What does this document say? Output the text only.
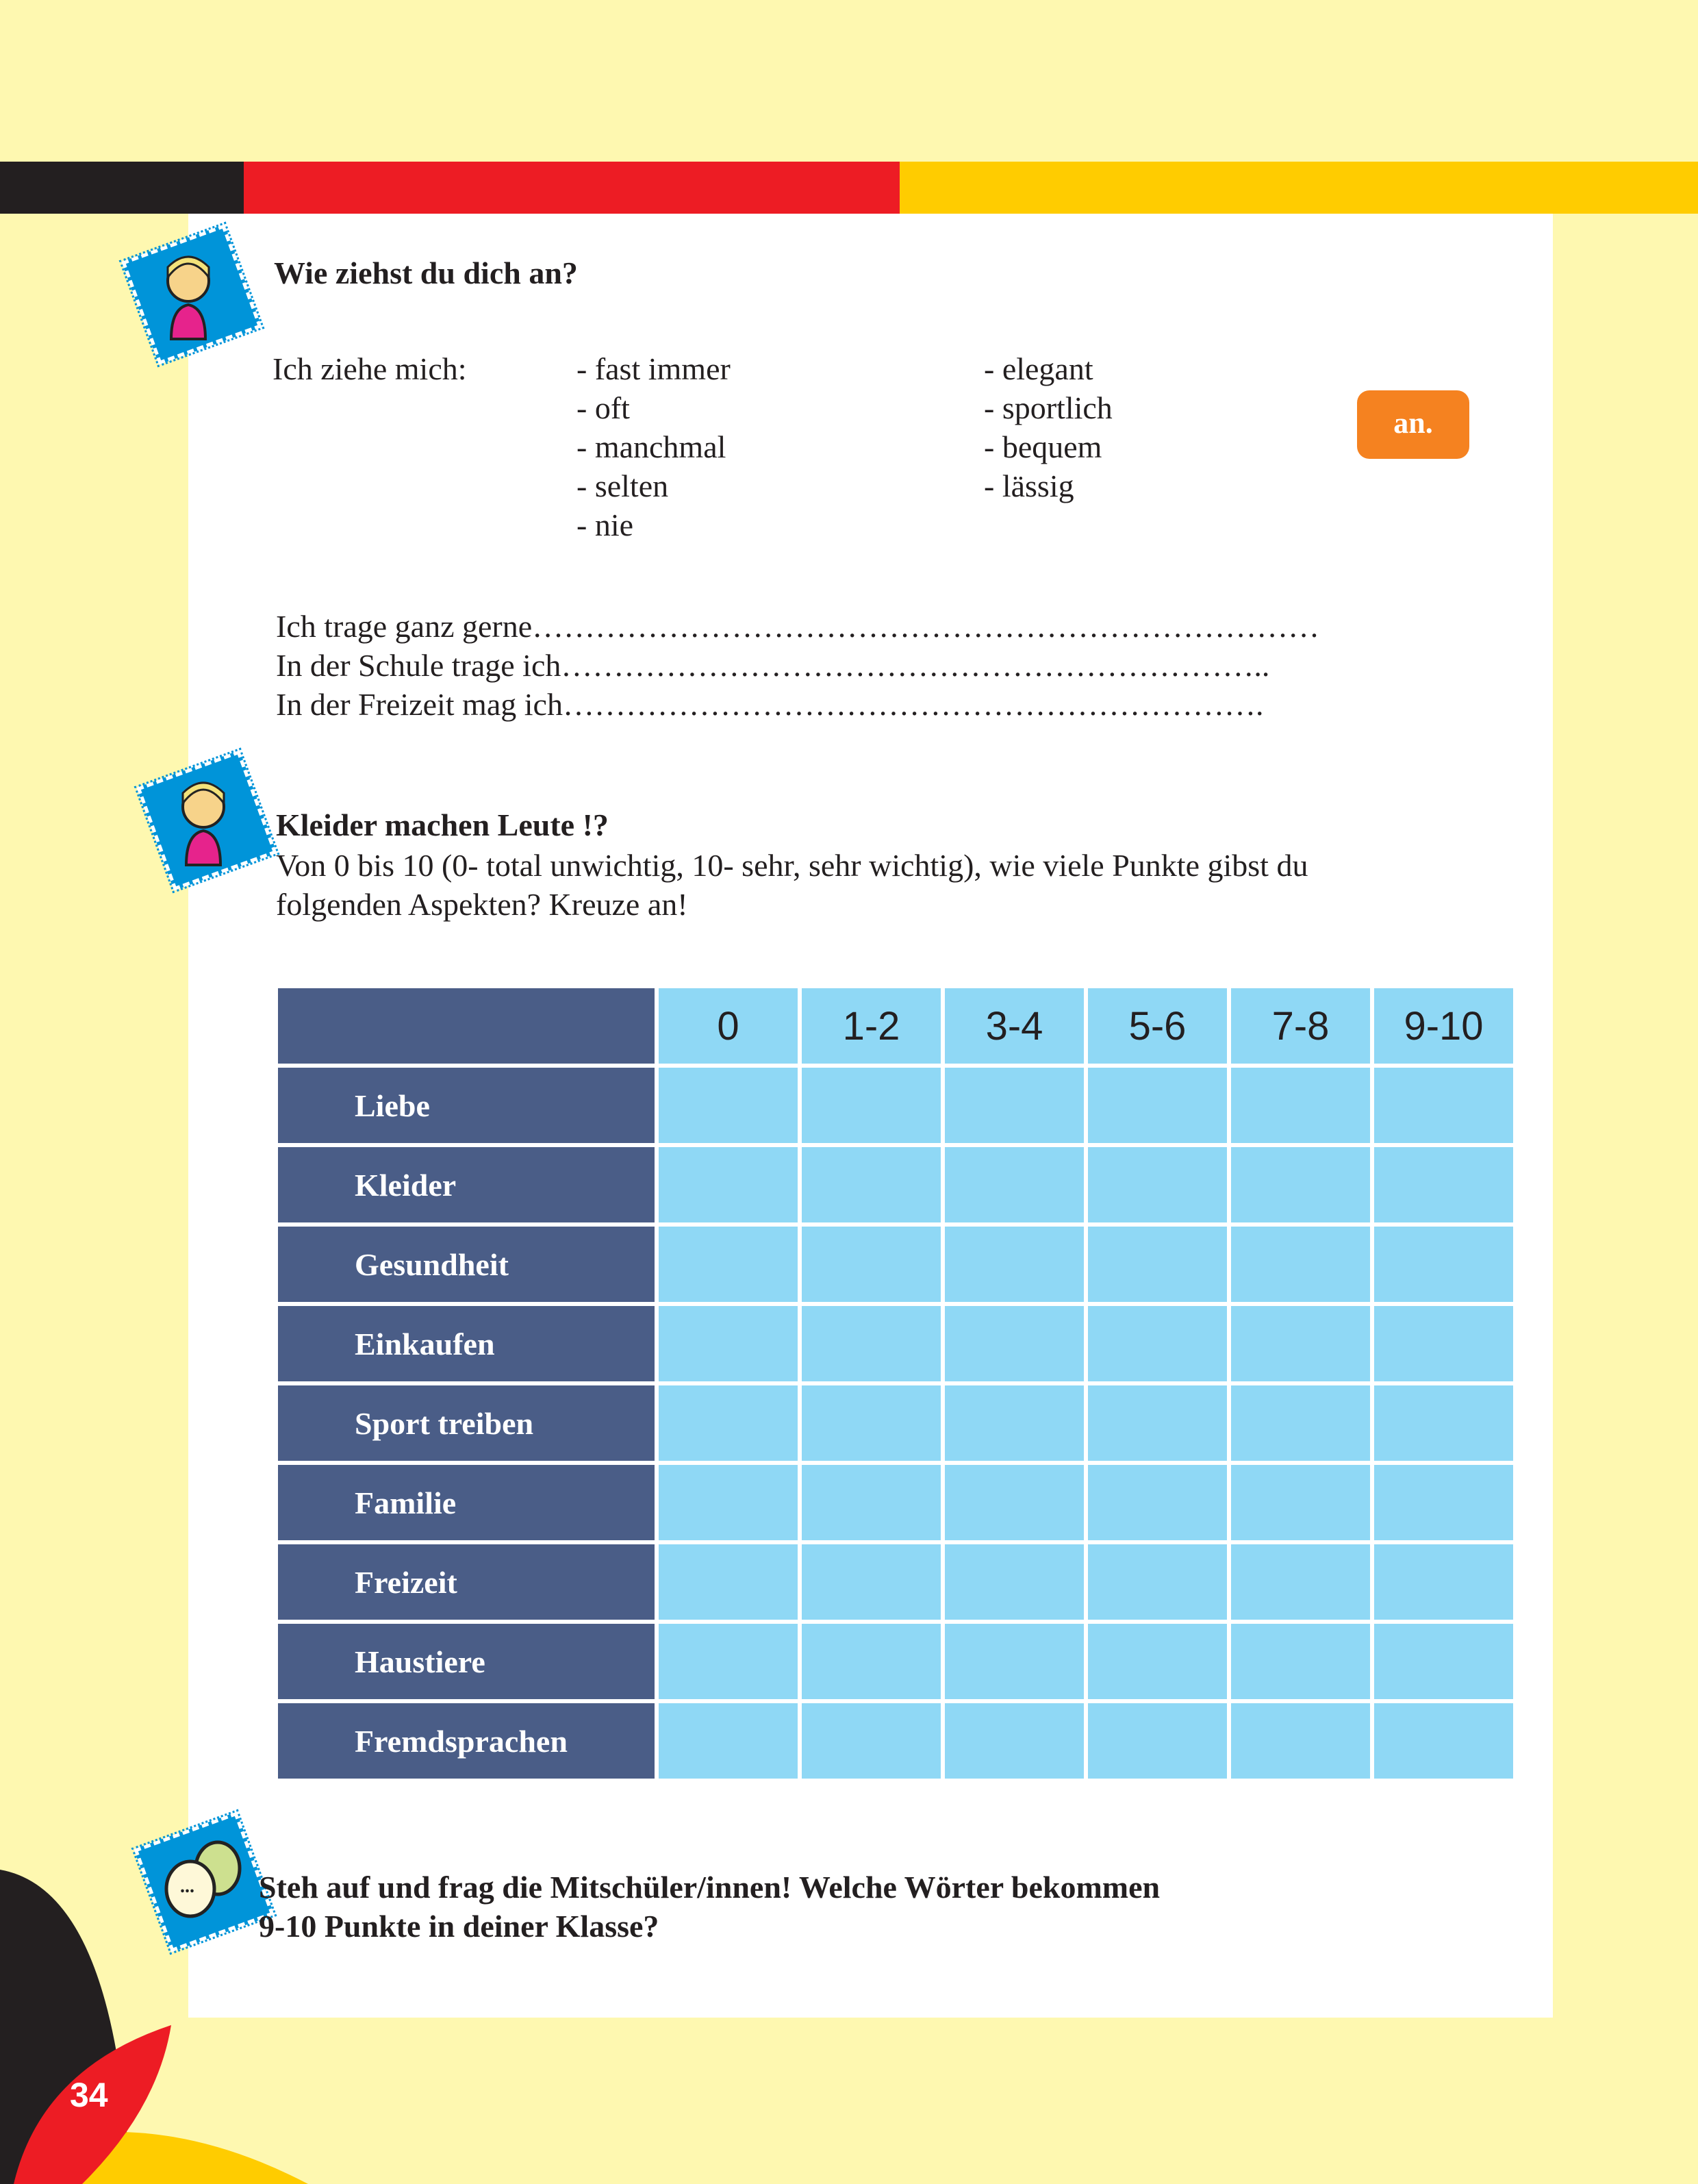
Wie ziehst du dich an?
Ich ziehe mich:	- fast immer
- oft
- manchmal
- selten
- nie
- elegant
- sportlich
- bequem
- lässig
an.
Ich trage ganz gerne…………………………………………………………………
In der Schule trage ich…………………………………………………………..
In der Freizeit mag ich………………………………………………………….
Kleider machen Leute !?
Von 0 bis 10 (0- total unwichtig, 10- sehr, sehr wichtig), wie viele Punkte gibst du
folgenden Aspekten? Kreuze an!
	0	1-2	3-4	5-6	7-8	9-10
Liebe						
Kleider						
Gesundheit						
Einkaufen						
Sport treiben						
Familie						
Freizeit						
Haustiere						
Fremdsprachen						
... Steh auf und frag die Mitschüler/innen! Welche Wörter bekommen
9-10 Punkte in deiner Klasse?
34
